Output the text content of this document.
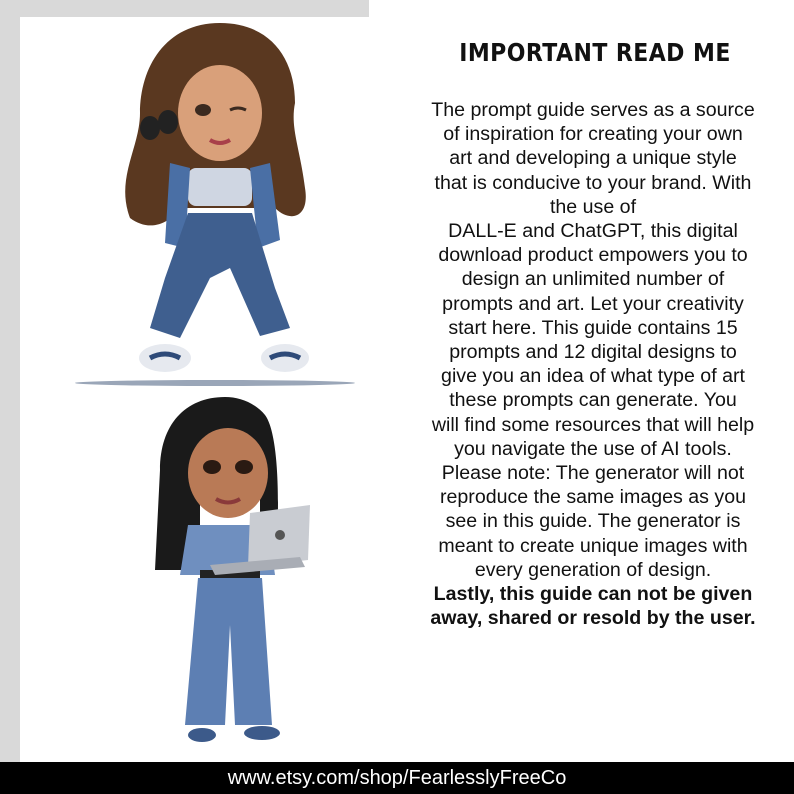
IMPORTANT READ ME

The prompt guide serves as a source

of inspiration for creating your own

art and developing a unique style

that is conducive to your brand. With

the use of

DALL-E and ChatGPT, this digital

download product empowers you to

design an unlimited number of

prompts and art. Let your creativity

start here. This guide contains 15

prompts and 12 digital designs to

give you an idea of what type of art

these prompts can generate. You

will find some resources that will help

you navigate the use of AI tools.

Please note: The generator will not

reproduce the same images as you

see in this guide. The generator is

meant to create unique images with

every generation of design.

Lastly, this guide can not be given

away, shared or resold by the user.

www.etsy.com/shop/FearlesslyFreeCo
